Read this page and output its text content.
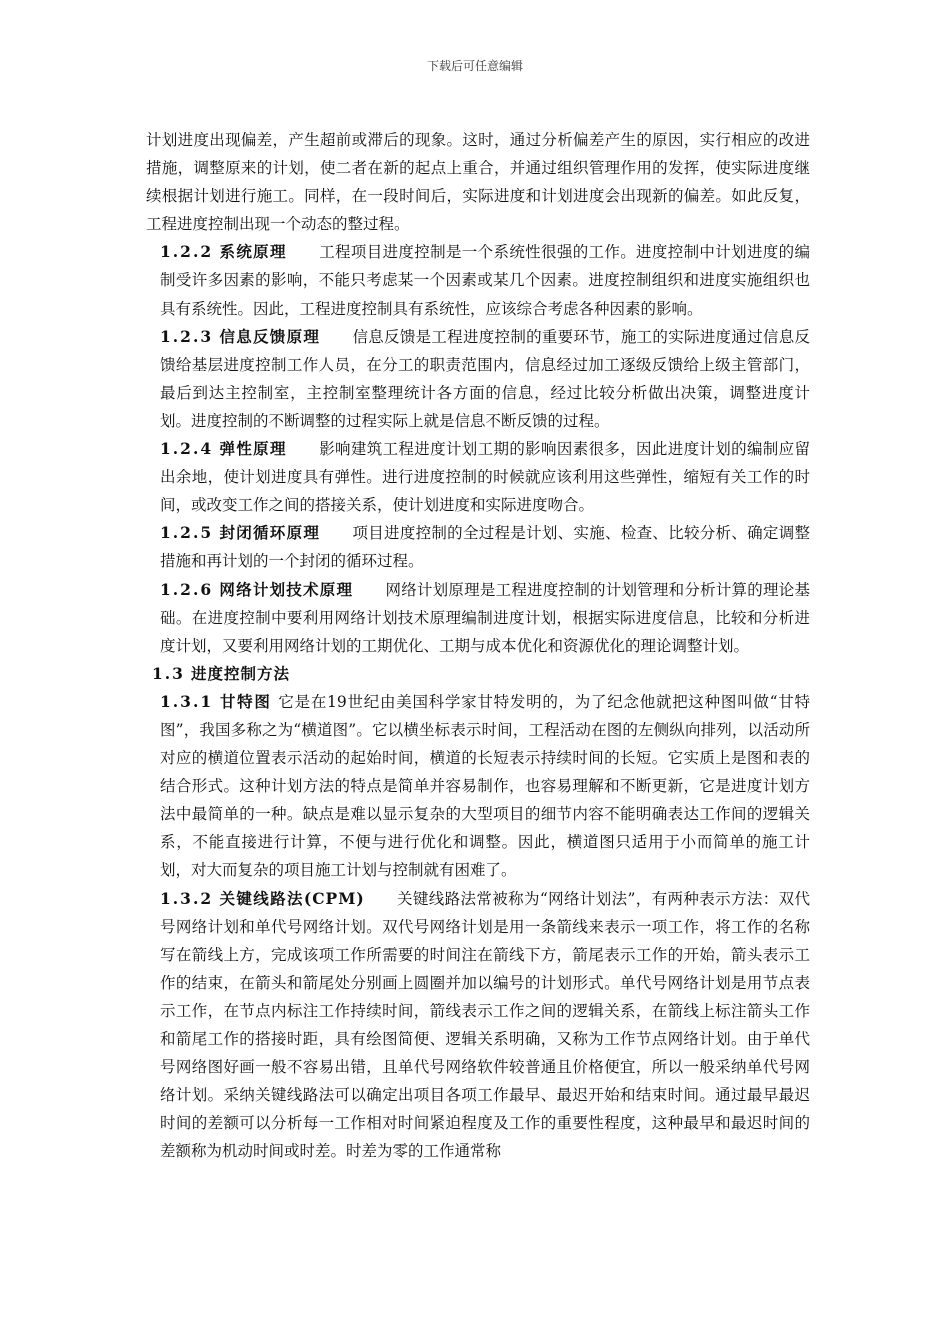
下载后可任意编辑

计划进度出现偏差，产生超前或滞后的现象。这时，通过分析偏差产生的原因，实行相应的改进措施，调整原来的计划，使二者在新的起点上重合，并通过组织管理作用的发挥，使实际进度继续根据计划进行施工。同样，在一段时间后，实际进度和计划进度会出现新的偏差。如此反复，工程进度控制出现一个动态的整过程。

1.2.2 系统原理 工程项目进度控制是一个系统性很强的工作。进度控制中计划进度的编制受许多因素的影响，不能只考虑某一个因素或某几个因素。进度控制组织和进度实施组织也具有系统性。因此，工程进度控制具有系统性，应该综合考虑各种因素的影响。

1.2.3 信息反馈原理 信息反馈是工程进度控制的重要环节，施工的实际进度通过信息反馈给基层进度控制工作人员，在分工的职责范围内，信息经过加工逐级反馈给上级主管部门，最后到达主控制室，主控制室整理统计各方面的信息，经过比较分析做出决策，调整进度计划。进度控制的不断调整的过程实际上就是信息不断反馈的过程。

1.2.4 弹性原理 影响建筑工程进度计划工期的影响因素很多，因此进度计划的编制应留出余地，使计划进度具有弹性。进行进度控制的时候就应该利用这些弹性，缩短有关工作的时间，或改变工作之间的搭接关系，使计划进度和实际进度吻合。

1.2.5 封闭循环原理 项目进度控制的全过程是计划、实施、检查、比较分析、确定调整措施和再计划的一个封闭的循环过程。

1.2.6 网络计划技术原理 网络计划原理是工程进度控制的计划管理和分析计算的理论基础。在进度控制中要利用网络计划技术原理编制进度计划，根据实际进度信息，比较和分析进度计划，又要利用网络计划的工期优化、工期与成本优化和资源优化的理论调整计划。

1.3 进度控制方法

1.3.1 甘特图 它是在19世纪由美国科学家甘特发明的，为了纪念他就把这种图叫做“甘特图”，我国多称之为“横道图”。它以横坐标表示时间，工程活动在图的左侧纵向排列，以活动所对应的横道位置表示活动的起始时间，横道的长短表示持续时间的长短。它实质上是图和表的结合形式。这种计划方法的特点是简单并容易制作，也容易理解和不断更新，它是进度计划方法中最简单的一种。缺点是难以显示复杂的大型项目的细节内容不能明确表达工作间的逻辑关系，不能直接进行计算，不便与进行优化和调整。因此，横道图只适用于小而简单的施工计划，对大而复杂的项目施工计划与控制就有困难了。

1.3.2 关键线路法(CPM) 关键线路法常被称为“网络计划法”，有两种表示方法：双代号网络计划和单代号网络计划。双代号网络计划是用一条箭线来表示一项工作，将工作的名称写在箭线上方，完成该项工作所需要的时间注在箭线下方，箭尾表示工作的开始，箭头表示工作的结束，在箭头和箭尾处分别画上圆圈并加以编号的计划形式。单代号网络计划是用节点表示工作，在节点内标注工作持续时间，箭线表示工作之间的逻辑关系，在箭线上标注箭头工作和箭尾工作的搭接时距，具有绘图简便、逻辑关系明确，又称为工作节点网络计划。由于单代号网络图好画一般不容易出错，且单代号网络软件较普通且价格便宜，所以一般采纳单代号网络计划。采纳关键线路法可以确定出项目各项工作最早、最迟开始和结束时间。通过最早最迟时间的差额可以分析每一工作相对时间紧迫程度及工作的重要性程度，这种最早和最迟时间的差额称为机动时间或时差。时差为零的工作通常称
